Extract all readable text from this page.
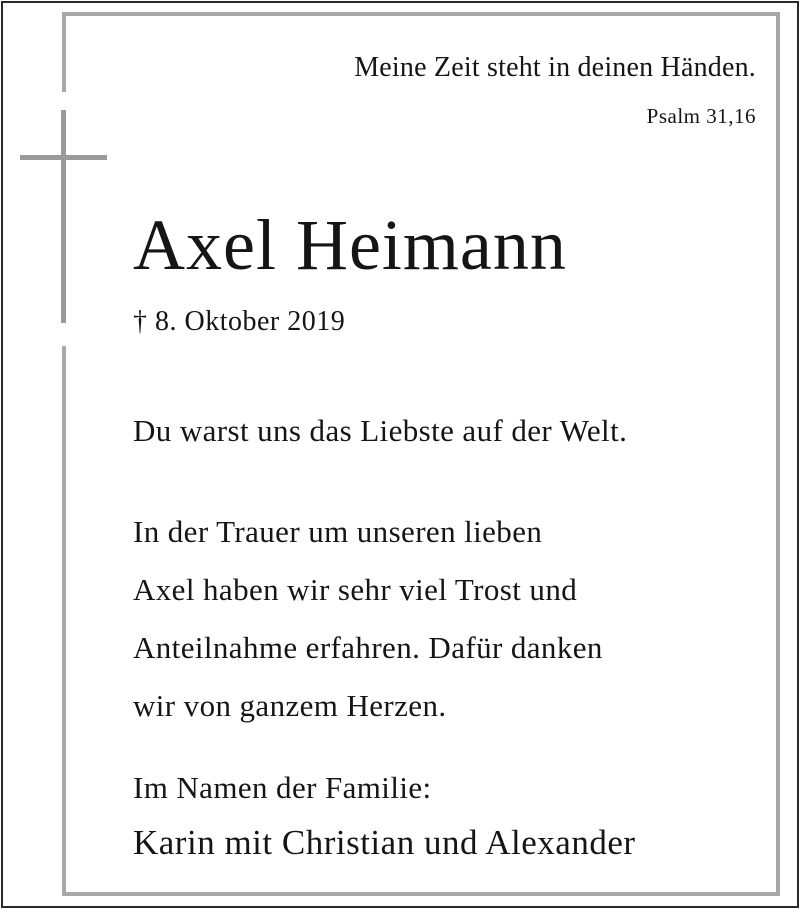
Meine Zeit steht in deinen Händen.
Psalm 31,16
Axel Heimann
† 8. Oktober 2019
Du warst uns das Liebste auf der Welt.
In der Trauer um unseren lieben
Axel haben wir sehr viel Trost und
Anteilnahme erfahren. Dafür danken
wir von ganzem Herzen.
Im Namen der Familie:
Karin mit Christian und Alexander
